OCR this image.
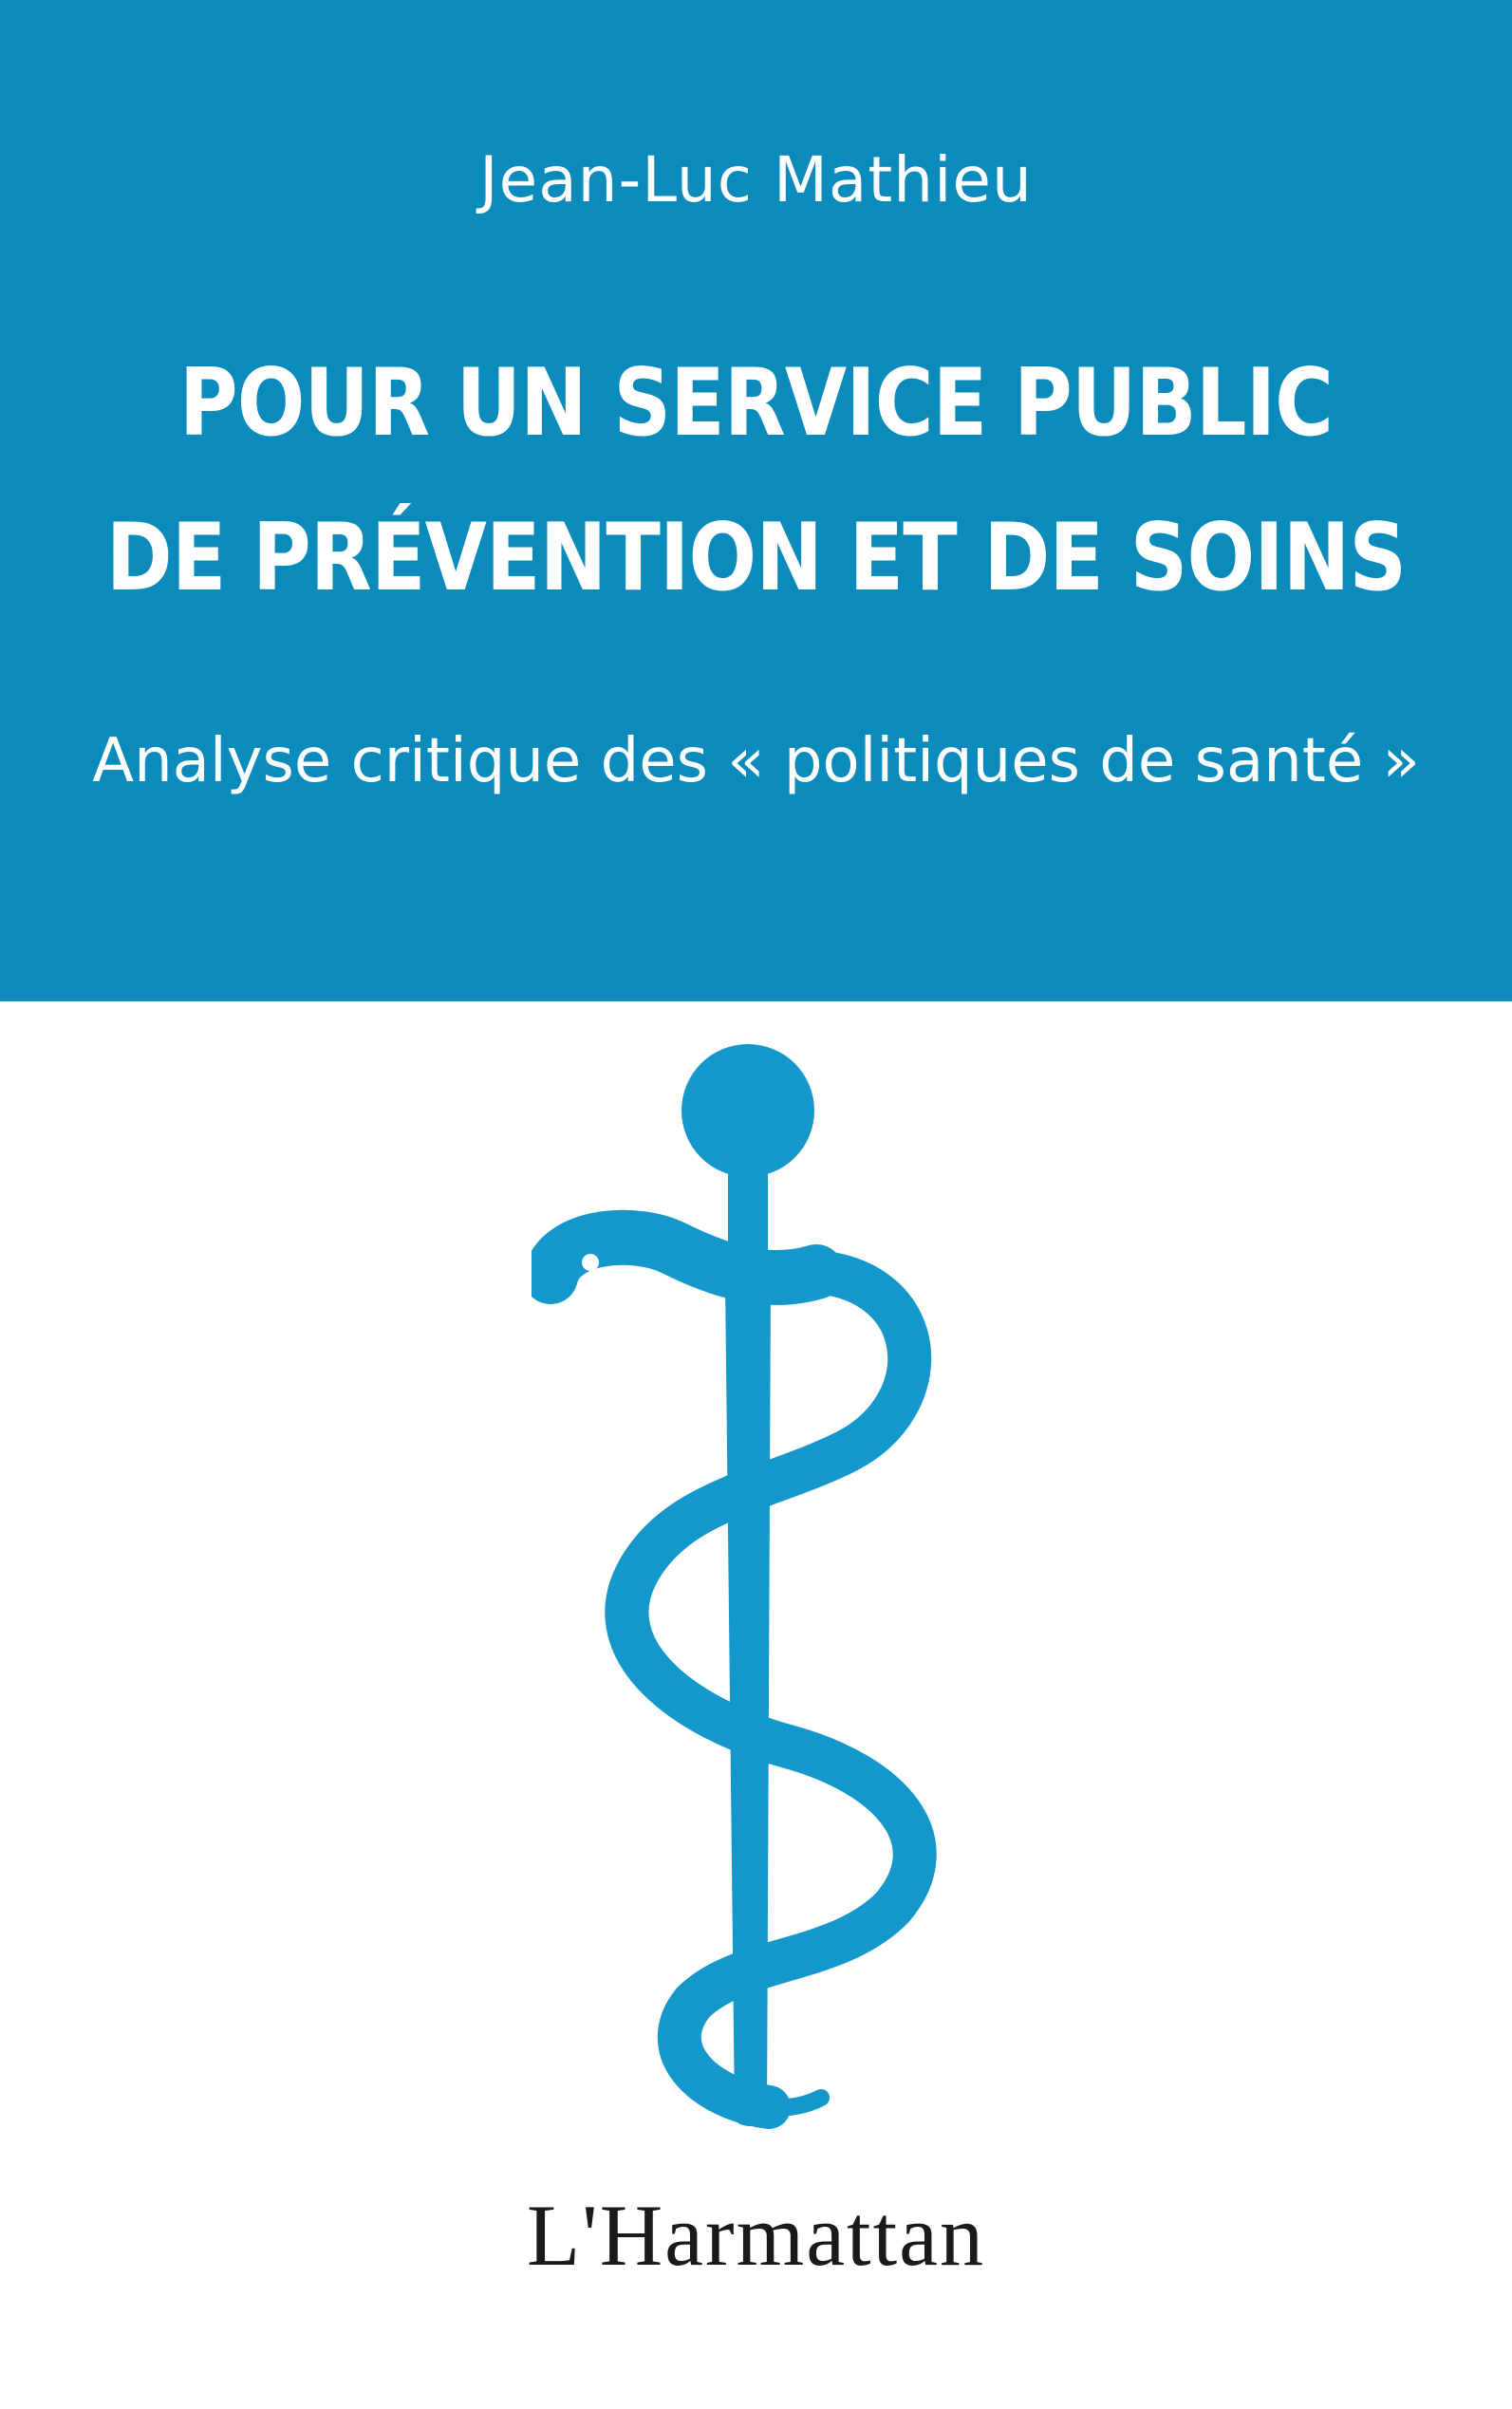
Jean-Luc Mathieu
POUR UN SERVICE PUBLIC
DE PRÉVENTION ET DE SOINS
Analyse critique des « politiques de santé »
L'Harmattan
